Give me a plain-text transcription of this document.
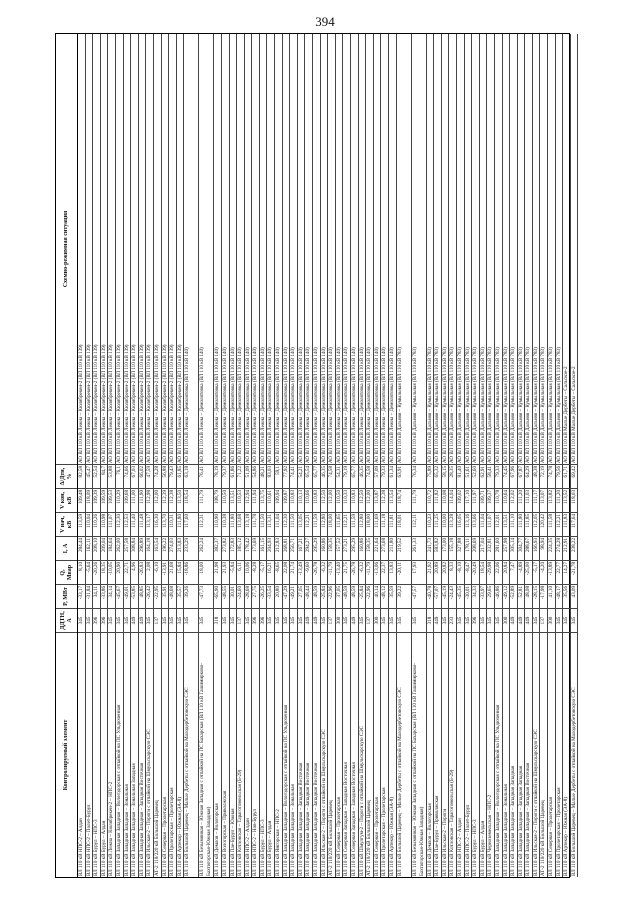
394
Контролируемый элемент
ДДТН, А
P, МВт
Q, Мвар
I, А
V нач, кВ
V кон, кВ
Δ/Дтн, %
Схемно-режимная ситуация
ВЛ 110 кВ НПС-2 – Алдан
345
-33,17
8,10
284,44
113,59
109,48
82,58
АО ВЛ 110 кВ Лежна – Кюлябрекен-2 (ВЛ 110 кВ 139)
ВЛ 110 кВ НПС-2 – Полет-Бурул
345
-31,84
-5,64
162,11
110,04
118,09
45,47
АО ВЛ 110 кВ Лежна – Кюлябрекен-2 (ВЛ 110 кВ 139)
ВЛ 110 кВ Бурул – НПС-3
396
34,11
-20,26
208,10
110,26
109,39
52,54
АО ВЛ 110 кВ Лежна – Кюлябрекен-2 (ВЛ 110 кВ 139)
ВЛ 110 кВ Бурул – Алдан
396
-33,86
18,35
209,04
110,98
109,59
84,7
АО ВЛ 110 кВ Лежна – Кюлябрекен-2 (ВЛ 110 кВ 139)
ВЛ 110 кВ Лежна – Кюлябрекен-2 – НПС-2
345
34,14
-10,05
184,64
111,07
109,53
53,88
АО ВЛ 110 кВ Лежна – Кюлябрекен-2 (ВЛ 110 кВ 139)
ВЛ 110 кВ Западная Западная – Вологодорская с отпайкой на ПС Ульдюченная
345
-45,67
20,90
262,00
112,30
110,29
76,1
АО ВЛ 110 кВ Лежна – Кюлябрекен-2 (ВЛ 110 кВ 139)
ВЛ 110 кВ Западная Западная – Зональная
345
-49,01
22,71
257,58
112,53
109,68
74,66
АО ВЛ 110 кВ Лежна – Кюлябрекен-2 (ВЛ 110 кВ 139)
ВЛ 110 кВ Западная Западная – Зональная Западная
449
-53,85
4,96
308,84
111,40
111,00
67,03
АО ВЛ 110 кВ Лежна – Кюлябрекен-2 (ВЛ 110 кВ 139)
ВЛ 110 кВ Западная Западная – Западная Восточная
449
48,85
-26,83
296,89
111,48
111,90
66,02
АО ВЛ 110 кВ Лежна – Кюлябрекен-2 (ВЛ 110 кВ 139)
ВЛ 110 кВ Ильская-2 – Пороги с отпайкой на Шмульскарскую СЭС
345
-26,42
2,08
164,18
113,17
112,98
47,59
АО ВЛ 110 кВ Лежна – Кюлябрекен-2 (ВЛ 110 кВ 139)
АТ-2 110/220 кВ Большой Царевец
137
-22,95
-6,10
163,54
116,30
112,00
74,28
АО ВЛ 110 кВ Лежна – Кюлябрекен-2 (ВЛ 110 кВ 139)
ВЛ 110 кВ Северная – Пролетарская
345
35,91
-13,91
196,22
113,70
112,39
56,88
АО ВЛ 110 кВ Лежна – Кюлябрекен-2 (ВЛ 110 кВ 139)
ВЛ 110 кВ Пролетарская – Пролетарская
345
-48,68
21,68
274,03
110,31
112,38
79,43
АО ВЛ 110 кВ Лежна – Кюлябрекен-2 (ВЛ 110 кВ 139)
ВЛ 110 кВ Артекор – Южная (ЭА-8)
345
35,57
15,84
213,83
111,80
113,50
61,85
АО ВЛ 110 кВ Лежна – Кюлябрекен-2 (ВЛ 110 кВ 139)
ВЛ 110 кВ Большой Царевец – Малые Дербеты с отпайкой на Малодербетовскую СЭС
345
39,26
-18,86
233,29
117,60
118,54
63,18
АО ВЛ 110 кВ Лежна – Демолятовка (ВЛ 110 кВ 140)
ВЛ 110 кВ Безымянная – Южная Западная с отпайкой на ПС Бахарская (ВЛ 110 кВ Гашимирково-Бахтигорская-Южная Западная)
345
-47,73
18,00
262,24
112,31
111,79
76,41
АО ВЛ 110 кВ Лежна – Демолятовка (ВЛ 110 кВ 140)
ВЛ 110 кВ Демлов – Вологорская
318
-65,90
21,98
382,37
110,90
108,79
78,19
АО ВЛ 110 кВ Лежна – Демолятовка (ВЛ 110 кВ 140)
ВЛ 110 кВ Вологорская – Приволжская
345
-48,55
21,93
273,82
110,38
110,50
79,37
АО ВЛ 110 кВ Лежна – Демолятовка (ВЛ 110 кВ 140)
ВЛ 110 кВ Пае-Бурул – Южная
345
30,01
-5,84
172,83
111,80
113,51
61,86
АО ВЛ 110 кВ Лежна – Демолятовка (ВЛ 110 кВ 140)
ВЛ 110 кВ Котловская – Тарагогомельская (Б-29)
137
-24,60
6,11
185,12
113,68
110,53
71,22
АО ВЛ 110 кВ Лежна – Демолятовка (ВЛ 110 кВ 140)
ВЛ 110 кВ НПС-2 – Алдан
345
-28,68
10,06
178,42
113,18
112,94
51,09
АО ВЛ 110 кВ Лежна – Демолятовка (ВЛ 110 кВ 140)
ВЛ 110 кВ НПС-2 – Нов-Бурул
396
27,75
-8,28
173,69
111,78
111,94
54,86
АО ВЛ 110 кВ Лежна – Демолятовка (ВЛ 110 кВ 140)
ВЛ 110 кВ Бурул – НПС-3
396
-26,25
-5,17
161,15
111,50
113,75
48,21
АО ВЛ 110 кВ Лежна – Демолятовка (ВЛ 110 кВ 140)
ВЛ 110 кВ Бурул – Алдан
345
-33,54
16,21
204,93
113,31
110,61
83,03
АО ВЛ 110 кВ Лежна – Демолятовка (ВЛ 110 кВ 140)
ВЛ 110 кВ Ямгорская – НПС-2
345
20,80
-8,65
212,83
111,04
109,94
59,1
АО ВЛ 110 кВ Лежна – Демолятовка (ВЛ 110 кВ 140)
ВЛ 110 кВ Западная Западная – Вологодорская с отпайкой на ПС Ульдюченная
345
-47,29
22,08
268,81
112,30
109,87
77,92
АО ВЛ 110 кВ Лежна – Демолятовка (ВЛ 110 кВ 140)
ВЛ 110 кВ Западная Западная – Зональная
345
-49,21
21,74
256,71
111,50
110,83
74,41
АО ВЛ 110 кВ Лежна – Демолятовка (ВЛ 110 кВ 140)
ВЛ 110 кВ Западная Западная – Западная Восточная
345
27,05
-13,49
167,21
113,05
110,13
54,21
АО ВЛ 110 кВ Лежна – Демолятовка (ВЛ 110 кВ 140)
ВЛ 110 кВ Западная Западная – Западная Восточная
449
-48,44
-9,60
294,27
112,21
110,66
65,54
АО ВЛ 110 кВ Лежна – Демолятовка (ВЛ 110 кВ 140)
ВЛ 110 кВ Западная Западная – Западная Восточная
449
48,59
-26,78
295,29
111,59
110,83
65,77
АО ВЛ 110 кВ Лежна – Демолятовка (ВЛ 110 кВ 140)
ВЛ 110 кВ Ильская-2 – Пороги с отпайкой на Шмульскарскую СЭС
345
-25,84
-6,32
160,86
112,80
112,50
46,35
АО ВЛ 110 кВ Лежна – Демолятовка (ВЛ 110 кВ 140)
АТ-2 110/220 кВ Большой Царевец
137
-22,96
-11,79
158,35
118,00
112,00
74,58
АО ВЛ 110 кВ Лежна – Демолятовка (ВЛ 110 кВ 140)
ВЛ 110 кВ Северная – Пролетарская
300
37,05
-13,40
157,52
111,65
110,50
54,31
АО ВЛ 110 кВ Лежна – Демолятовка (ВЛ 110 кВ 140)
ВЛ 110 кВ Северная Западная – Западная Восточная
345
-48,59
21,75
273,21
112,21
110,33
79,19
АО ВЛ 110 кВ Лежна – Демолятовка (ВЛ 110 кВ 140)
ВЛ 110 кВ Северная Западная – Западная Восточная
449
48,59
-26,78
295,29
111,59
110,83
65,77
АО ВЛ 110 кВ Лежна – Демолятовка (ВЛ 110 кВ 140)
ВЛ 110 кВ Шмулгум-2 – Пороги с отпайкой на Шмульскарскую СЭС
345
-25,84
-6,32
160,86
112,80
112,50
46,35
АО ВЛ 110 кВ Лежна – Демолятовка (ВЛ 110 кВ 140)
АТ-2 110/220 кВ Большой Царевец
137
-22,96
-11,79
158,35
118,00
112,00
74,58
АО ВЛ 110 кВ Лежна – Демолятовка (ВЛ 110 кВ 140)
ВЛ 110 кВ Северная – Пролетарская
300
40,14
-13,06
221,64
111,69
113,87
57,09
АО ВЛ 110 кВ Лежна – Демолятовка (ВЛ 110 кВ 140)
ВЛ 110 кВ Пролетарская – Пролетарская
345
-48,12
22,37
273,68
111,18
112,38
79,33
АО ВЛ 110 кВ Лежна – Демолятовка (ВЛ 110 кВ 140)
ВЛ 110 кВ Артекор – Южная (ЭА-8)
345
35,59
13,83
211,80
111,81
113,54
61,34
АО ВЛ 110 кВ Лежна – Демолятовка (ВЛ 110 кВ 140)
ВЛ 110 кВ Большой Царевец – Малые Дербеты с отпайкой на Малодербетовскую СЭС
345
39,22
-20,11
219,52
118,01
118,74
63,91
АО ВЛ 110 кВ Дальняя – Кумыльная (ВЛ 110 кВ 783)
ВЛ 110 кВ Безымянная – Южная Западная с отпайкой на ПС Бахарская (ВЛ 110 кВ Гашимирково-Бахтигорская-Южная Западная)
345
-47,57
17,93
261,33
112,11
111,79
76,34
АО ВЛ 110 кВ Дальняя – Кумыльная (ВЛ 110 кВ 783)
ВЛ 110 кВ Демлов – Вологорская
318
-40,78
21,92
241,73
110,23
110,72
75,89
АО ВЛ 110 кВ Дальняя – Кумыльная (ВЛ 110 кВ 783)
ВЛ 110 кВ Пае-Бурул – Приволжская
449
-57,07
20,89
583,82
111,25
111,82
65,32
АО ВЛ 110 кВ Дальняя – Кумыльная (ВЛ 110 кВ 783)
ВЛ 110 кВ Ильская-2 – Пороги
345
-45,19
20,82
173,00
110,00
110,08
58,15
АО ВЛ 110 кВ Дальняя – Кумыльная (ВЛ 110 кВ 783)
ВЛ 110 кВ Котловская – Тарагогомельская (Б-29)
233
-24,43
8,33
155,18
113,28
114,04
28,35
АО ВЛ 110 кВ Дальняя – Кумыльная (ВЛ 110 кВ 783)
ВЛ 110 кВ НПС-2 – Алдан
345
-45,35
-8,10
327,88
116,05
109,02
81,40
АО ВЛ 110 кВ Дальняя – Кумыльная (ВЛ 110 кВ 783)
ВЛ 110 кВ НПС-2 – Полет-Бурул
345
-30,01
-8,47
178,11
113,16
117,10
51,61
АО ВЛ 110 кВ Дальняя – Кумыльная (ВЛ 110 кВ 783)
ВЛ 110 кВ Бурул – НПС-3
396
34,33
-20,49
208,69
113,66
111,97
52,60
АО ВЛ 110 кВ Дальняя – Кумыльная (ВЛ 110 кВ 783)
ВЛ 110 кВ Бурул – Алдан
345
-33,97
18,54
217,04
111,04
109,71
62,91
АО ВЛ 110 кВ Дальняя – Кумыльная (ВЛ 110 кВ 783)
ВЛ 110 кВ Черноземельская – НПС-2
345
29,65
-29,98
232,81
111,07
109,37
58,41
АО ВЛ 110 кВ Дальняя – Кумыльная (ВЛ 110 кВ 783)
ВЛ 110 кВ Западная Западная – Вологодорская с отпайкой на ПС Ульдюченная
345
-46,86
22,06
281,60
112,01
110,78
79,33
АО ВЛ 110 кВ Дальняя – Кумыльная (ВЛ 110 кВ 783)
ВЛ 110 кВ Западная Западная – Зональная
300
-49,12
20,84
257,98
113,51
110,64
74,45
АО ВЛ 110 кВ Дальняя – Кумыльная (ВЛ 110 кВ 783)
ВЛ 110 кВ Западная Западная – Западная Западная
449
-52,89
7,47
305,14
111,10
112,02
67,96
АО ВЛ 110 кВ Дальняя – Кумыльная (ВЛ 110 кВ 783)
ВЛ 110 кВ Западная Западная – Западная Западная
449
52,81
-4,89
304,77
111,80
111,20
67,87
АО ВЛ 110 кВ Дальняя – Кумыльная (ВЛ 110 кВ 783)
ВЛ 110 кВ Западная Западная – Западная Восточная
449
48,08
-25,00
288,67
111,85
111,03
64,29
АО ВЛ 110 кВ Дальняя – Кумыльная (ВЛ 110 кВ 783)
ВЛ 110 кВ Ильская-2 – Пороги с отпайкой на Шмульскарскую СЭС
345
-28,15
-5,17
166,93
112,05
111,17
48,38
АО ВЛ 110 кВ Дальняя – Кумыльная (ВЛ 110 кВ 783)
АТ-2 110/220 кВ Большой Царевец
137
-17,98
-4,20
98,94
120,42
113,07
72,19
АО ВЛ 110 кВ Дальняя – Кумыльная (ВЛ 110 кВ 783)
ВЛ 110 кВ Северная – Пролетарская
300
41,10
-13,89
224,35
111,58
113,82
74,78
АО ВЛ 110 кВ Дальняя – Кумыльная (ВЛ 110 кВ 783)
ВЛ 110 кВ Пролетарская – Пролетарская
345
-48,17
22,77
274,28
112,21
111,20
79,56
АО ВЛ 110 кВ Дальняя – Кумыльная (ВЛ 110 кВ 783)
ВЛ 110 кВ Артекор – Южная (ЭА-8)
345
35,56
14,27
212,91
111,83
113,52
61,71
АО ВЛ 110 кВ Малые Дербеты – Сальское-2
ВЛ 110 кВ Большой Царевец – Малые Дербеты с отпайкой на Малодербетовскую СЭС
345
43,09
-21,78
238,22
117,64
118,03
69,42
АО ВЛ 110 кВ Малые Дербеты – Сальское-2
